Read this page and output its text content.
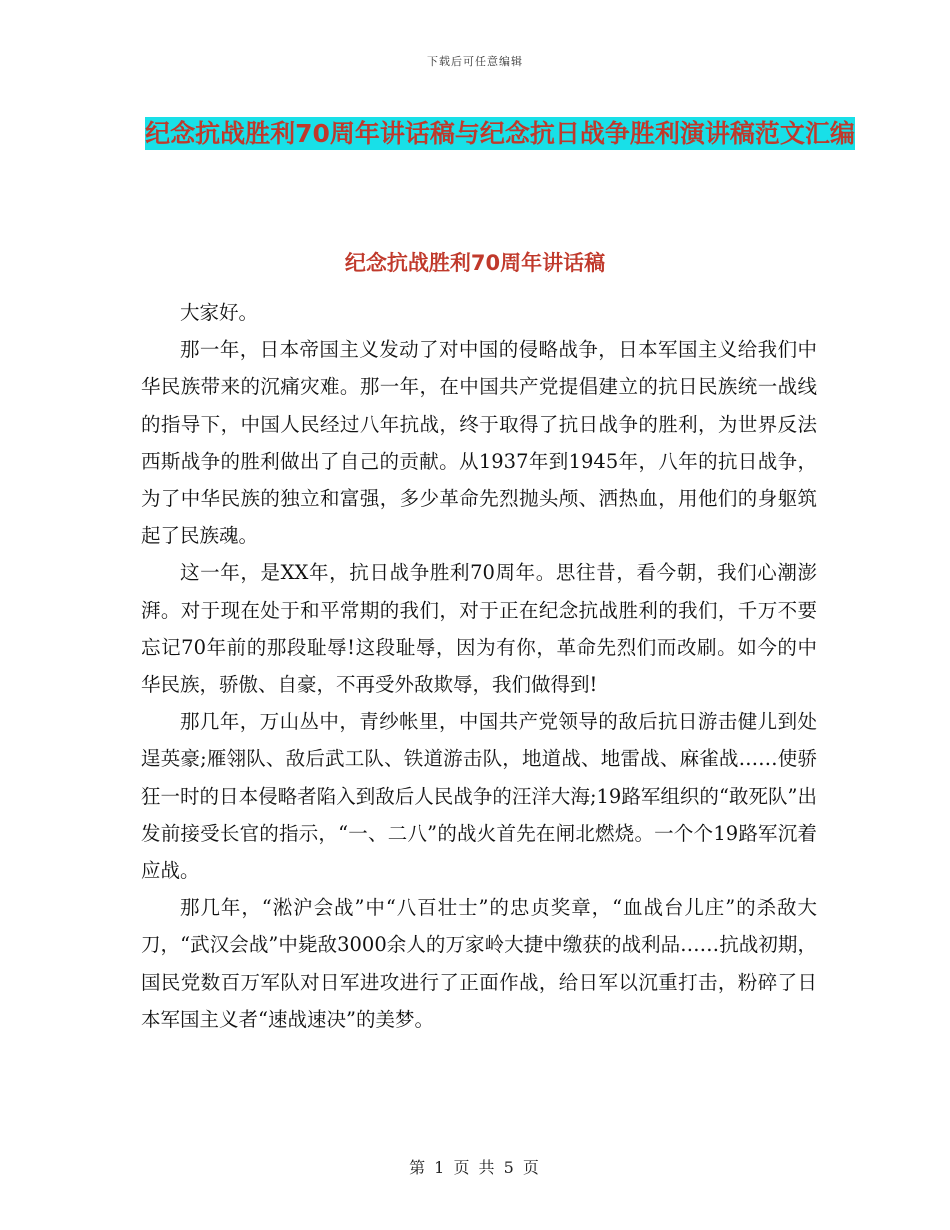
下载后可任意编辑
纪念抗战胜利70周年讲话稿与纪念抗日战争胜利演讲稿范文汇编
纪念抗战胜利70周年讲话稿

大家好。

那一年，日本帝国主义发动了对中国的侵略战争，日本军国主义给我们中华民族带来的沉痛灾难。那一年，在中国共产党提倡建立的抗日民族统一战线的指导下，中国人民经过八年抗战，终于取得了抗日战争的胜利，为世界反法西斯战争的胜利做出了自己的贡献。从1937年到1945年，八年的抗日战争，为了中华民族的独立和富强，多少革命先烈抛头颅、洒热血，用他们的身躯筑起了民族魂。

这一年，是XX年，抗日战争胜利70周年。思往昔，看今朝，我们心潮澎湃。对于现在处于和平常期的我们，对于正在纪念抗战胜利的我们，千万不要忘记70年前的那段耻辱!这段耻辱，因为有你，革命先烈们而改刷。如今的中华民族，骄傲、自豪，不再受外敌欺辱，我们做得到!

那几年，万山丛中，青纱帐里，中国共产党领导的敌后抗日游击健儿到处逞英豪;雁翎队、敌后武工队、铁道游击队，地道战、地雷战、麻雀战……使骄狂一时的日本侵略者陷入到敌后人民战争的汪洋大海;19路军组织的“敢死队”出发前接受长官的指示，“一、二八”的战火首先在闸北燃烧。一个个19路军沉着应战。

那几年，“淞沪会战”中“八百壮士”的忠贞奖章，“血战台儿庄”的杀敌大刀，“武汉会战”中毙敌3000余人的万家岭大捷中缴获的战利品……抗战初期，国民党数百万军队对日军进攻进行了正面作战，给日军以沉重打击，粉碎了日本军国主义者“速战速决”的美梦。

第 1 页 共 5 页
